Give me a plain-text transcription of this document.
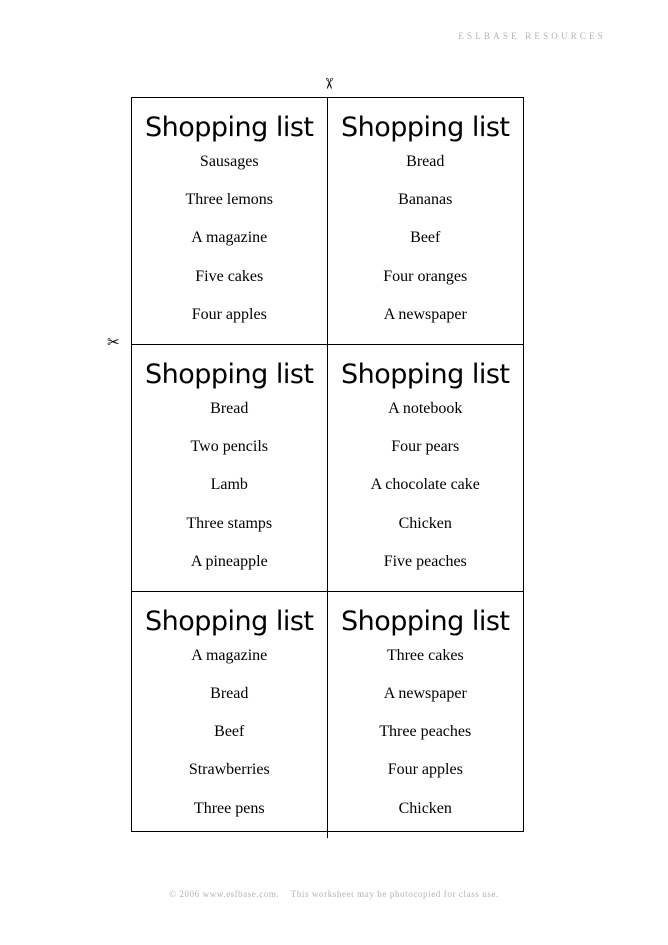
ESLBASE RESOURCES
✂
✂
Shopping list
Sausages
Three lemons
A magazine
Five cakes
Four apples
Shopping list
Bread
Bananas
Beef
Four oranges
A newspaper
Shopping list
Bread
Two pencils
Lamb
Three stamps
A pineapple
Shopping list
A notebook
Four pears
A chocolate cake
Chicken
Five peaches
Shopping list
A magazine
Bread
Beef
Strawberries
Three pens
Shopping list
Three cakes
A newspaper
Three peaches
Four apples
Chicken
© 2006 www.eslbase.com. This worksheet may be photocopied for class use.
